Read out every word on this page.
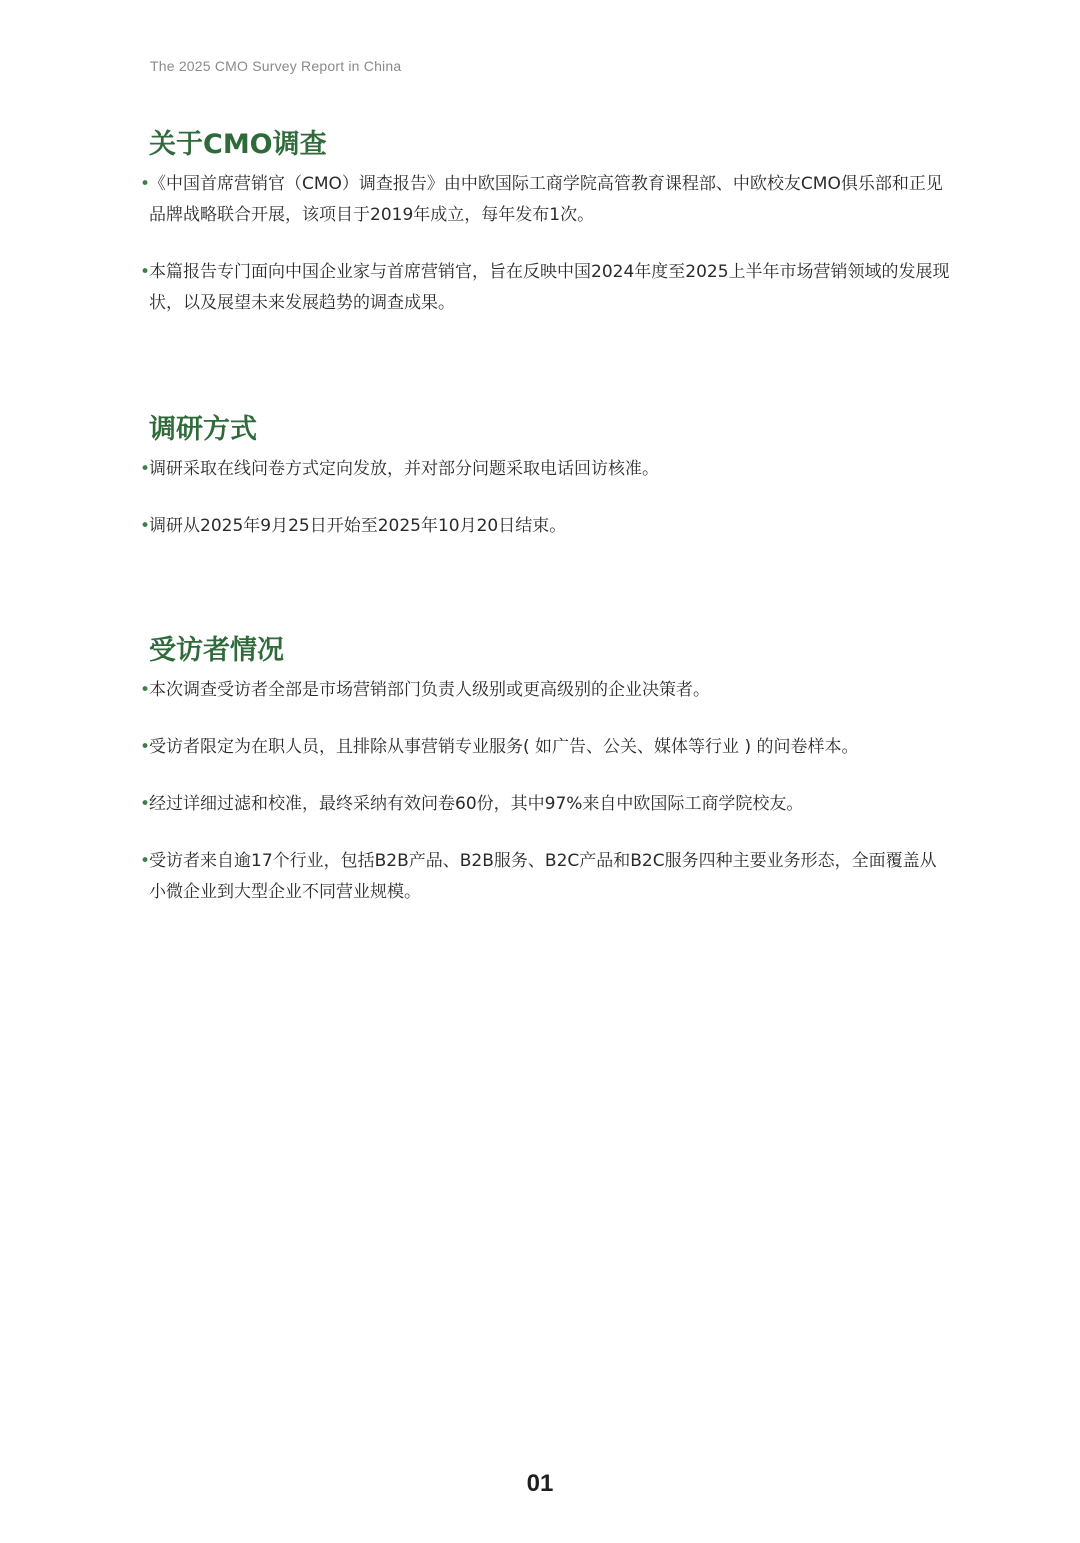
The 2025 CMO Survey Report in China
关于CMO调查
•
《中国首席营销官（CMO）调查报告》由中欧国际工商学院高管教育课程部、中欧校友CMO俱乐部和正见品牌战略联合开展，该项目于2019年成立，每年发布1次。
•
本篇报告专门面向中国企业家与首席营销官，旨在反映中国2024年度至2025上半年市场营销领域的发展现状，以及展望未来发展趋势的调查成果。
调研方式
•
调研采取在线问卷方式定向发放，并对部分问题采取电话回访核准。
•
调研从2025年9月25日开始至2025年10月20日结束。
受访者情况
•
本次调查受访者全部是市场营销部门负责人级别或更高级别的企业决策者。
•
受访者限定为在职人员，且排除从事营销专业服务( 如广告、公关、媒体等行业 ) 的问卷样本。
•
经过详细过滤和校准，最终采纳有效问卷60份，其中97%来自中欧国际工商学院校友。
•
受访者来自逾17个行业，包括B2B产品、B2B服务、B2C产品和B2C服务四种主要业务形态，全面覆盖从小微企业到大型企业不同营业规模。
01
